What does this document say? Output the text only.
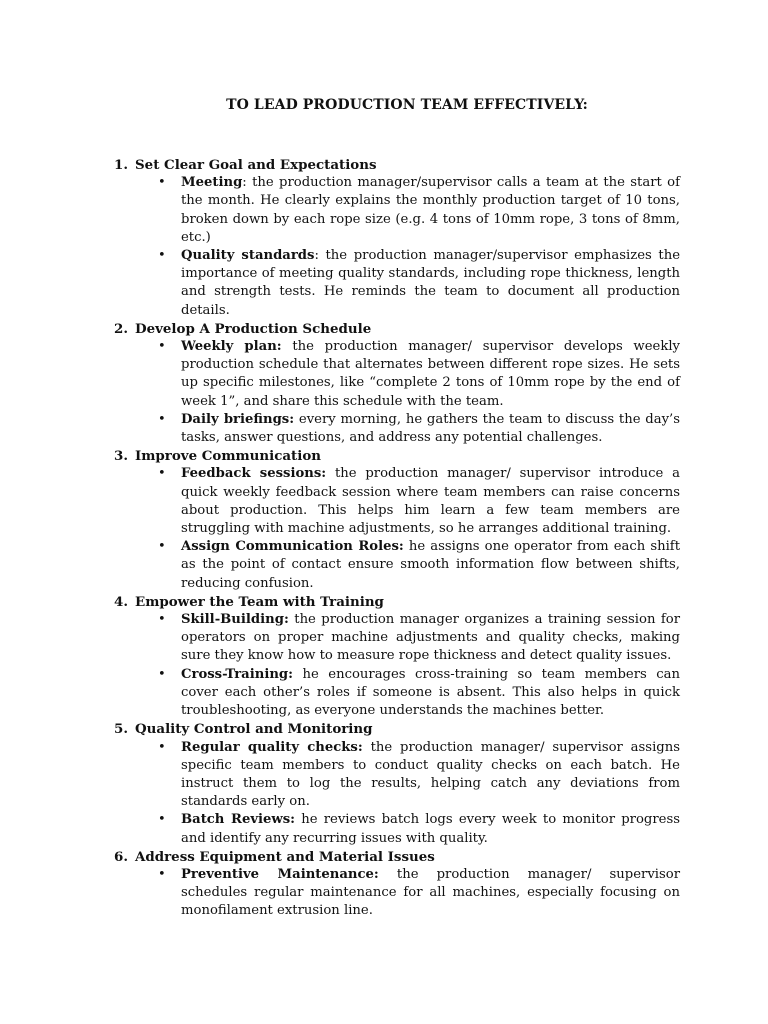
TO LEAD PRODUCTION TEAM EFFECTIVELY:
1. Set Clear Goal and Expectations
• Meeting: the production manager/supervisor calls a team at the start of the month. He clearly explains the monthly production target of 10 tons, broken down by each rope size (e.g. 4 tons of 10mm rope, 3 tons of 8mm, etc.)
• Quality standards: the production manager/supervisor emphasizes the importance of meeting quality standards, including rope thickness, length and strength tests. He reminds the team to document all production details.
2. Develop A Production Schedule
• Weekly plan: the production manager/ supervisor develops weekly production schedule that alternates between different rope sizes. He sets up specific milestones, like “complete 2 tons of 10mm rope by the end of week 1”, and share this schedule with the team.
• Daily briefings: every morning, he gathers the team to discuss the day’s tasks, answer questions, and address any potential challenges.
3. Improve Communication
• Feedback sessions: the production manager/ supervisor introduce a quick weekly feedback session where team members can raise concerns about production. This helps him learn a few team members are struggling with machine adjustments, so he arranges additional training.
• Assign Communication Roles: he assigns one operator from each shift as the point of contact ensure smooth information flow between shifts, reducing confusion.
4. Empower the Team with Training
• Skill-Building: the production manager organizes a training session for operators on proper machine adjustments and quality checks, making sure they know how to measure rope thickness and detect quality issues.
• Cross-Training: he encourages cross-training so team members can cover each other’s roles if someone is absent. This also helps in quick troubleshooting, as everyone understands the machines better.
5. Quality Control and Monitoring
• Regular quality checks: the production manager/ supervisor assigns specific team members to conduct quality checks on each batch. He instruct them to log the results, helping catch any deviations from standards early on.
• Batch Reviews: he reviews batch logs every week to monitor progress and identify any recurring issues with quality.
6. Address Equipment and Material Issues
• Preventive Maintenance: the production manager/ supervisor schedules regular maintenance for all machines, especially focusing on monofilament extrusion line.
